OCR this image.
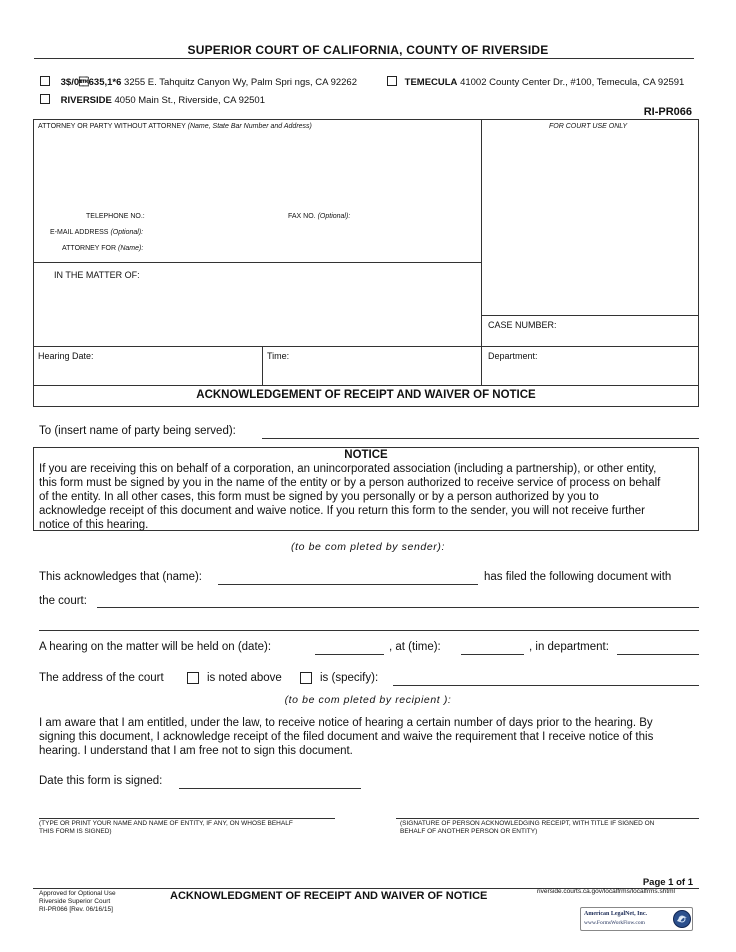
SUPERIOR COURT OF CALIFORNIA, COUNTY OF RIVERSIDE
3$/0635,1*6 3255 E. Tahquitz Canyon Wy, Palm Spri ngs, CA 92262	TEMECULA 41002 County Center Dr., #100, Temecula, CA 92591
RIVERSIDE 4050 Main St., Riverside, CA 92501
RI-PR066
ATTORNEY OR PARTY WITHOUT ATTORNEY (Name, State Bar Number and Address)	FOR COURT USE ONLY
TELEPHONE NO.:	FAX NO. (Optional):
E-MAIL ADDRESS (Optional):
ATTORNEY FOR (Name):
IN THE MATTER OF:
CASE NUMBER:
Hearing Date:	Time:	Department:
ACKNOWLEDGEMENT OF RECEIPT AND WAIVER OF NOTICE
To (insert name of party being served):
NOTICE
If you are receiving this on behalf of a corporation, an unincorporated association (including a partnership), or other entity,
this form must be signed by you in the name of the entity or by a person authorized to receive service of process on behalf
of the entity. In all other cases, this form must be signed by you personally or by a person authorized by you to
acknowledge receipt of this document and waive notice. If you return this form to the sender, you will not receive further
notice of this hearing.
(to be com pleted by sender):
This acknowledges that (name):	has filed the following document with
the court:
A hearing on the matter will be held on (date):	, at (time):	, in department:
The address of the court	is noted above	is (specify):
(to be com pleted by recipient ):
I am aware that I am entitled, under the law, to receive notice of hearing a certain number of days prior to the hearing. By
signing this document, I acknowledge receipt of the filed document and waive the requirement that I receive notice of this
hearing. I understand that I am free not to sign this document.
Date this form is signed:
(TYPE OR PRINT YOUR NAME AND NAME OF ENTITY, IF ANY, ON WHOSE BEHALF
THIS FORM IS SIGNED)
(SIGNATURE OF PERSON ACKNOWLEDGING RECEIPT, WITH TITLE IF SIGNED ON
BEHALF OF ANOTHER PERSON OR ENTITY)
Page 1 of 1
Approved for Optional Use
Riverside Superior Court
RI-PR066 [Rev. 06/16/15]
ACKNOWLEDGMENT OF RECEIPT AND WAIVER OF NOTICE	riverside.courts.ca.gov/localfrms/localfrms.shtml
American LegalNet, Inc.
www.FormsWorkFlow.com
